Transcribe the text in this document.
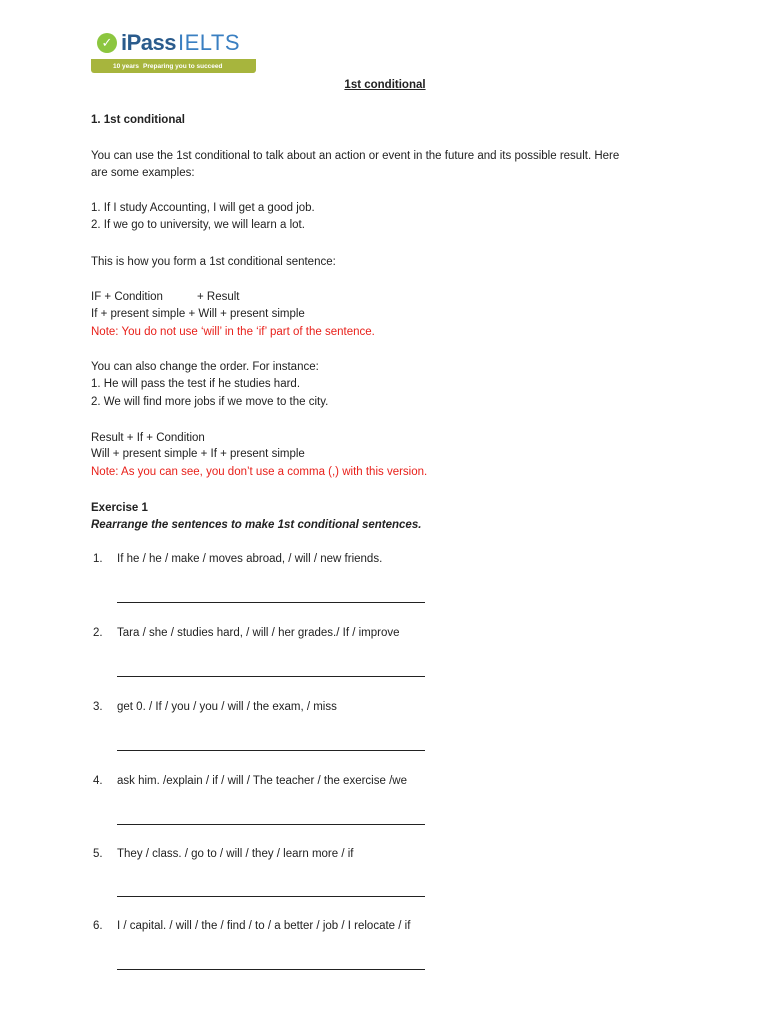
✓ iPass IELTS
10 years Preparing you to succeed
1st conditional
1. 1st conditional
You can use the 1st conditional to talk about an action or event in the future and its possible result. Here
are some examples:
1. If I study Accounting, I will get a good job.
2. If we go to university, we will learn a lot.
This is how you form a 1st conditional sentence:
IF + Condition	+ Result
If + present simple + Will + present simple
Note: You do not use ‘will’ in the ‘if’ part of the sentence.
You can also change the order. For instance:
1. He will pass the test if he studies hard.
2. We will find more jobs if we move to the city.
Result + If + Condition
Will + present simple + If + present simple
Note: As you can see, you don’t use a comma (,) with this version.
Exercise 1
Rearrange the sentences to make 1st conditional sentences.
1. If he / he / make / moves abroad, / will / new friends.
2. Tara / she / studies hard, / will / her grades./ If / improve
3. get 0. / If / you / you / will / the exam, / miss
4. ask him. /explain / if / will / The teacher / the exercise /we
5. They / class. / go to / will / they / learn more / if
6. I / capital. / will / the / find / to / a better / job / I relocate / if
